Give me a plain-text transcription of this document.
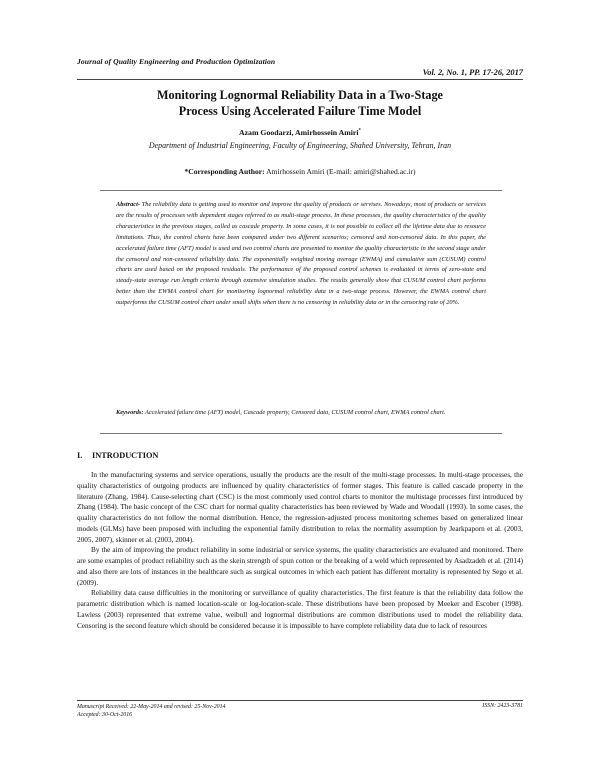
Journal of Quality Engineering and Production Optimization
Vol. 2, No. 1, PP. 17-26, 2017
Monitoring Lognormal Reliability Data in a Two-Stage
Process Using Accelerated Failure Time Model
Azam Goodarzi, Amirhossein Amiri*
Department of Industrial Engineering, Faculty of Engineering, Shahed University, Tehran, Iran
*Corresponding Author: Amirhossein Amiri (E-mail: amiri@shahed.ac.ir)
Abstract- The reliability data is getting used to monitor and improve the quality of products or servises. Nowadays, most of products or services are the results of processes with dependent stages referred to as multi-stage process. In these processes, the quality characteristics of the quality characteristics in the previous stages, called as cascade property. In some cases, it is not possible to collect all the lifetime data due to resource limitations. Thus, the control charts have been compared under two different scenarios; censored and non-censored data. In this paper, the accelerated failure time (AFT) model is used and two control charts are presented to monitor the quality characteristic in the second stage under the censored and non-censored reliability data. The exponentially weighted moving average (EWMA) and cumulative sum (CUSUM) control charts are used based on the proposed residuals. The performance of the proposed control schemes is evaluated in terms of zero-state and steady-state average run length criteria through extensive simulation studies. The results generally show that CUSUM control chart performs better than the EWMA control chart for monitoring lognormal reliability data in a two-stage process. However, the EWMA control chart outperforms the CUSUM control chart under small shifts when there is no censoring in reliability data or in the censoring rate of 20%.
Keywords: Accelerated failure time (AFT) model, Cascade property, Censored data, CUSUM control chart, EWMA control chart.
I. INTRODUCTION

In the manufacturing systems and service operations, usually the products are the result of the multi-stage processes. In multi-stage processes, the quality characteristics of outgoing products are influenced by quality characteristics of former stages. This feature is called cascade property in the literature (Zhang, 1984). Cause-selecting chart (CSC) is the most commonly used control charts to monitor the multistage processes first introduced by Zhang (1984). The basic concept of the CSC chart for normal quality characteristics has been reviewed by Wade and Woodall (1993). In some cases, the quality characteristics do not follow the normal distribution. Hence, the regression-adjusted process monitoring schemes based on generalized linear models (GLMs) have been proposed with including the exponential family distribution to relax the normality assumption by Jearkpaporn et al. (2003, 2005, 2007), skinner et al. (2003, 2004).

By the aim of improving the product reliability in some industrial or service systems, the quality characteristics are evaluated and monitored. There are some examples of product reliability such as the skein strength of spun cotton or the breaking of a weld which represented by Asadzadeh et al. (2014) and also there are lots of instances in the healthcare such as surgical outcomes in which each patient has different mortality is represented by Sego et al. (2009).

Reliability data cause difficulties in the monitoring or surveillance of quality characteristics. The first feature is that the reliability data follow the parametric distribution which is named location-scale or log-location-scale. These distributions have been proposed by Meeker and Escober (1998). Lawless (2003) represented that extreme value, weibull and lognormal distributions are common distributions used to model the reliability data. Censoring is the second feature which should be considered because it is impossible to have complete reliability data due to lack of resources

Manuscript Received: 22-May-2014 and revised: 25-Nov-2014
Accepted: 30-Oct-2016
ISSN: 2423-3781
